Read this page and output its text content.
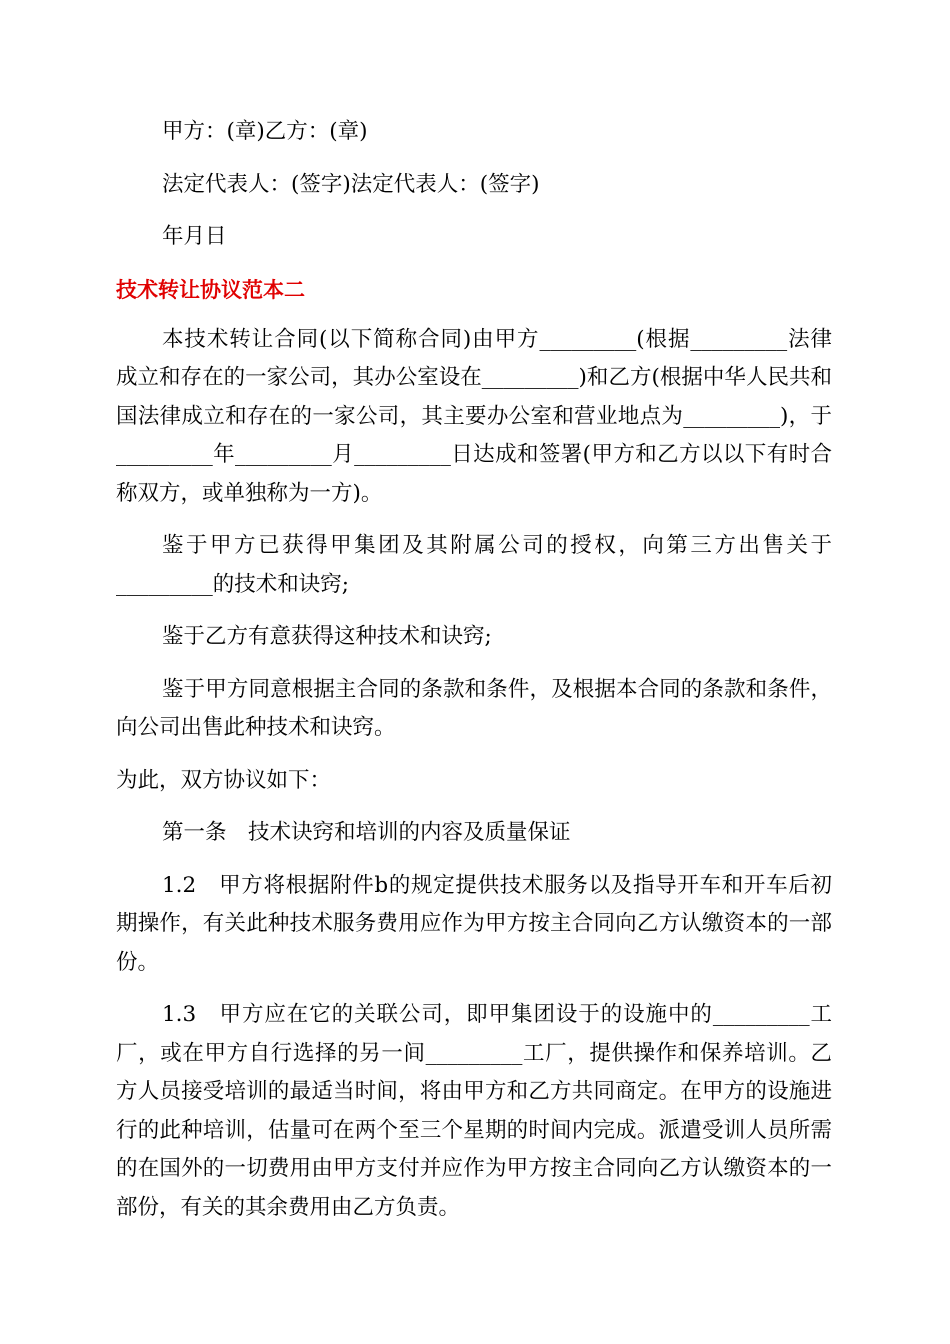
甲方：(章)乙方：(章)

法定代表人：(签字)法定代表人：(签字)

年月日

技术转让协议范本二

本技术转让合同(以下简称合同)由甲方_________(根据_________法律成立和存在的一家公司，其办公室设在_________)和乙方(根据中华人民共和国法律成立和存在的一家公司，其主要办公室和营业地点为_________)，于_________年_________月_________日达成和签署(甲方和乙方以以下有时合称双方，或单独称为一方)。

鉴于甲方已获得甲集团及其附属公司的授权，向第三方出售关于_________的技术和诀窍;

鉴于乙方有意获得这种技术和诀窍;

鉴于甲方同意根据主合同的条款和条件，及根据本合同的条款和条件，向公司出售此种技术和诀窍。

为此，双方协议如下：

第一条　技术诀窍和培训的内容及质量保证

1.2　甲方将根据附件b的规定提供技术服务以及指导开车和开车后初期操作，有关此种技术服务费用应作为甲方按主合同向乙方认缴资本的一部份。

1.3　甲方应在它的关联公司，即甲集团设于的设施中的_________工厂，或在甲方自行选择的另一间_________工厂，提供操作和保养培训。乙方人员接受培训的最适当时间，将由甲方和乙方共同商定。在甲方的设施进行的此种培训，估量可在两个至三个星期的时间内完成。派遣受训人员所需的在国外的一切费用由甲方支付并应作为甲方按主合同向乙方认缴资本的一部份，有关的其余费用由乙方负责。
